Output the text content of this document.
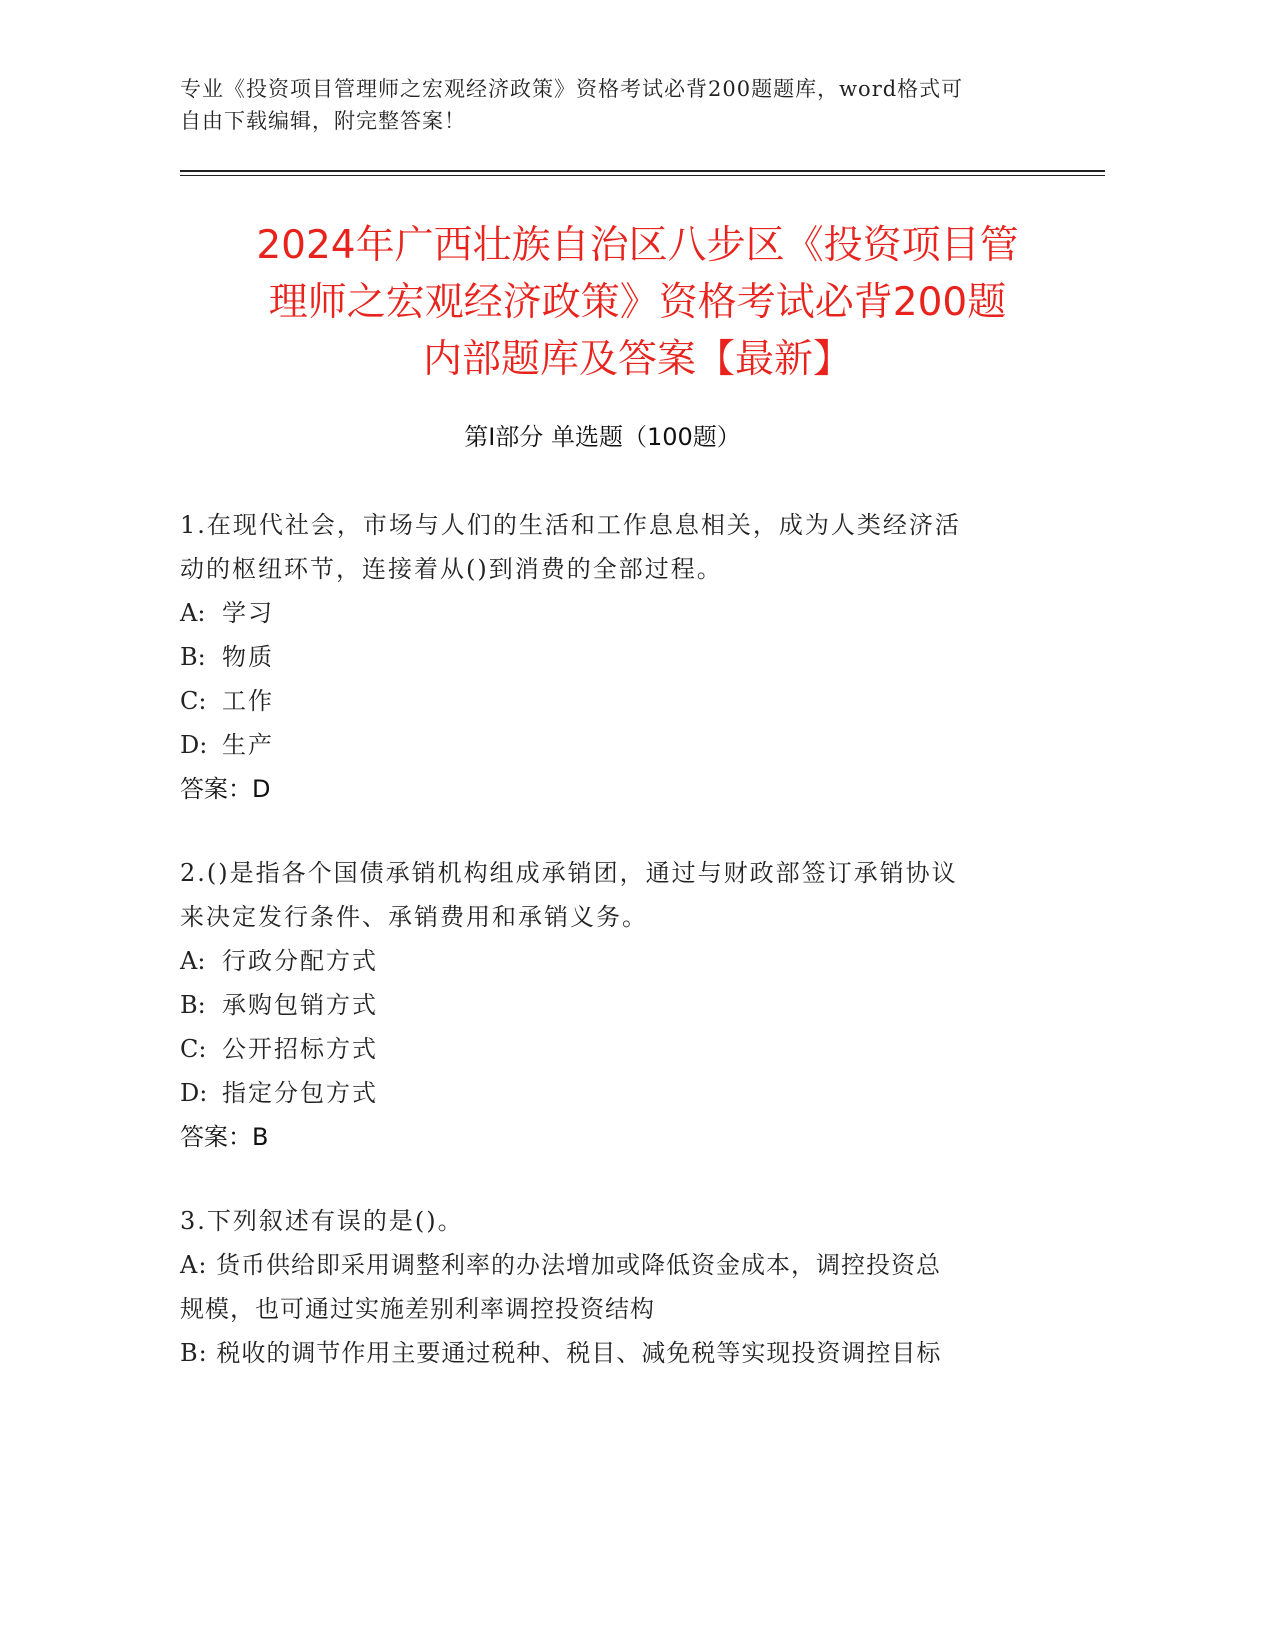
专业《投资项目管理师之宏观经济政策》资格考试必背200题题库，word格式可
自由下载编辑，附完整答案！
2024年广西壮族自治区八步区《投资项目管
理师之宏观经济政策》资格考试必背200题
内部题库及答案【最新】
第I部分 单选题（100题）

1.在现代社会，市场与人们的生活和工作息息相关，成为人类经济活

动的枢纽环节，连接着从()到消费的全部过程。

A: 学习

B: 物质

C: 工作

D: 生产

答案：D

2.()是指各个国债承销机构组成承销团，通过与财政部签订承销协议

来决定发行条件、承销费用和承销义务。

A: 行政分配方式

B: 承购包销方式

C: 公开招标方式

D: 指定分包方式

答案：B

3.下列叙述有误的是()。

A: 货币供给即采用调整利率的办法增加或降低资金成本，调控投资总

规模，也可通过实施差别利率调控投资结构

B: 税收的调节作用主要通过税种、税目、减免税等实现投资调控目标
